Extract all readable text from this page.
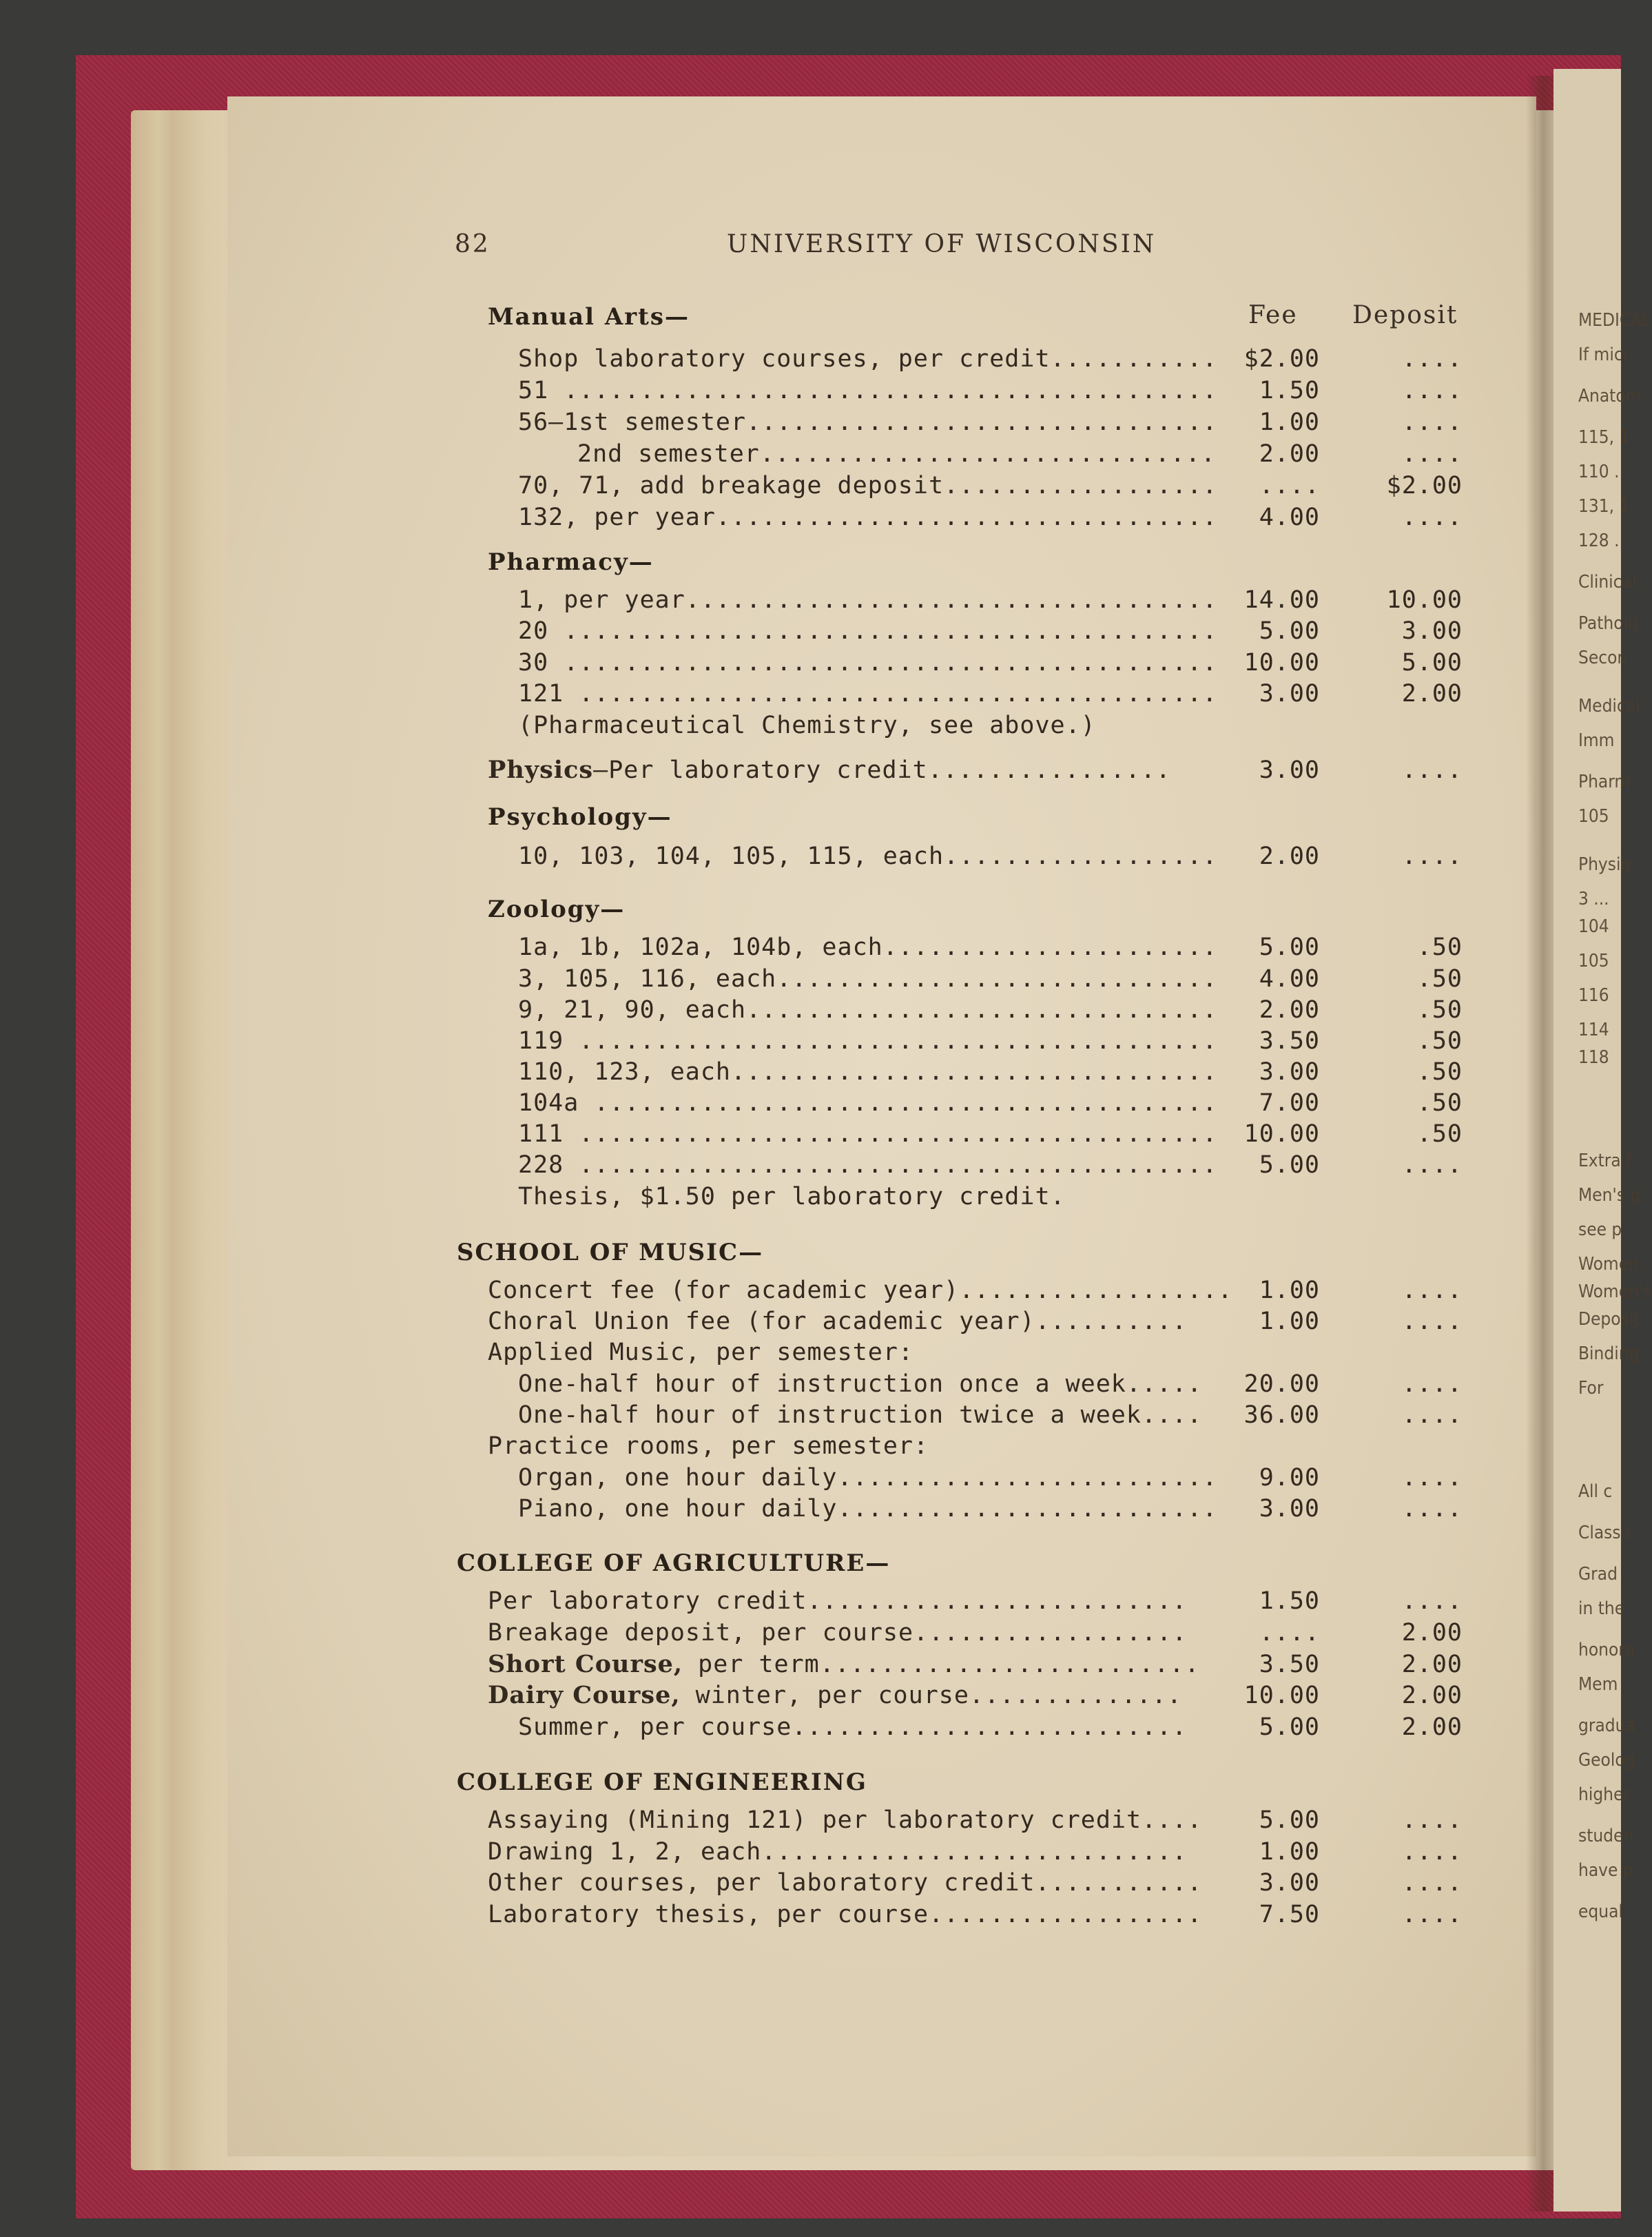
MEDICAL
If micr
Anatom
115, 1
110 .
131, 1
128 .
Clinical
Patholo
Secon
Medical
Imm
Pharm
105
Physio
3 ...
104
105
116
114
118
Extra f
Men's g
see p
Women
Women's
Deposit
Binding
For
All c
Class c
Grad
in the
honora
Mem
gradua
Geolog
higher
studen
have p
equal
82	UNIVERSITY OF WISCONSIN
Fee Deposit
Manual Arts—
Shop laboratory courses, per credit........... $2.00	....
51 ........................................... 1.50	....
56—1st semester............................... 1.00	....
2nd semester.............................. 2.00	....
70, 71, add breakage deposit.................. ....	$2.00
132, per year................................. 4.00	....
Pharmacy—
1, per year................................... 14.00	10.00
20 ........................................... 5.00	3.00
30 ........................................... 10.00	5.00
121 .......................................... 3.00	2.00
(Pharmaceutical Chemistry, see above.)
Physics—Per laboratory credit................	3.00	....
Psychology—
10, 103, 104, 105, 115, each.................. 2.00	....
Zoology—
1a, 1b, 102a, 104b, each...................... 5.00	.50
3, 105, 116, each............................. 4.00	.50
9, 21, 90, each............................... 2.00	.50
119 .......................................... 3.50	.50
110, 123, each................................ 3.00	.50
104a ......................................... 7.00	.50
111 .......................................... 10.00	.50
228 .......................................... 5.00	....
Thesis, $1.50 per laboratory credit.
SCHOOL OF MUSIC—
Concert fee (for academic year).................. 1.00	....
Choral Union fee (for academic year)..........	1.00	....
Applied Music, per semester:
One-half hour of instruction once a week.....	20.00	....
One-half hour of instruction twice a week....	36.00	....
Practice rooms, per semester:
Organ, one hour daily......................... 9.00	....
Piano, one hour daily......................... 3.00	....
COLLEGE OF AGRICULTURE—
Per laboratory credit.........................	1.50	....
Breakage deposit, per course..................	....	2.00
Short Course, per term.........................	3.50	2.00
Dairy Course, winter, per course..............	10.00	2.00
Summer, per course..........................	5.00	2.00
COLLEGE OF ENGINEERING
Assaying (Mining 121) per laboratory credit....	5.00	....
Drawing 1, 2, each............................	1.00	....
Other courses, per laboratory credit...........	3.00	....
Laboratory thesis, per course..................	7.50	....
